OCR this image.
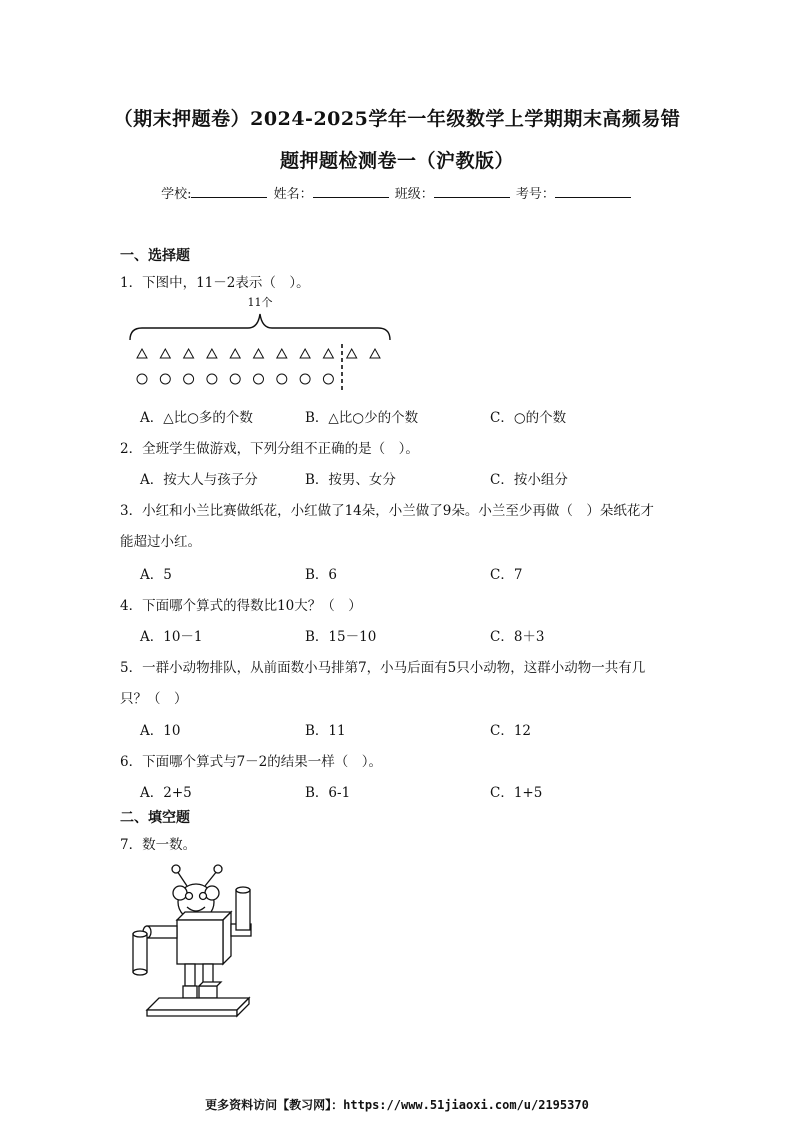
（期末押题卷）2024-2025学年一年级数学上学期期末高频易错
题押题检测卷一（沪教版）
学校:	姓名：	班级：	考号：
一、选择题
1．下图中，11－2表示（　）。
11个
A．△比○多的个数	B．△比○少的个数	C．○的个数
2．全班学生做游戏，下列分组不正确的是（　）。
A．按大人与孩子分	B．按男、女分	C．按小组分
3．小红和小兰比赛做纸花，小红做了14朵，小兰做了9朵。小兰至少再做（　）朵纸花才
能超过小红。
A．5	B．6	C．7
4．下面哪个算式的得数比10大？（　）
A．10－1	B．15－10	C．8＋3
5．一群小动物排队，从前面数小马排第7，小马后面有5只小动物，这群小动物一共有几
只？（　）
A．10	B．11	C．12
6．下面哪个算式与7－2的结果一样（　）。
A．2+5	B．6-1	C．1+5
二、填空题
7．数一数。
更多资料访问【教习网】：https://www.51jiaoxi.com/u/2195370
